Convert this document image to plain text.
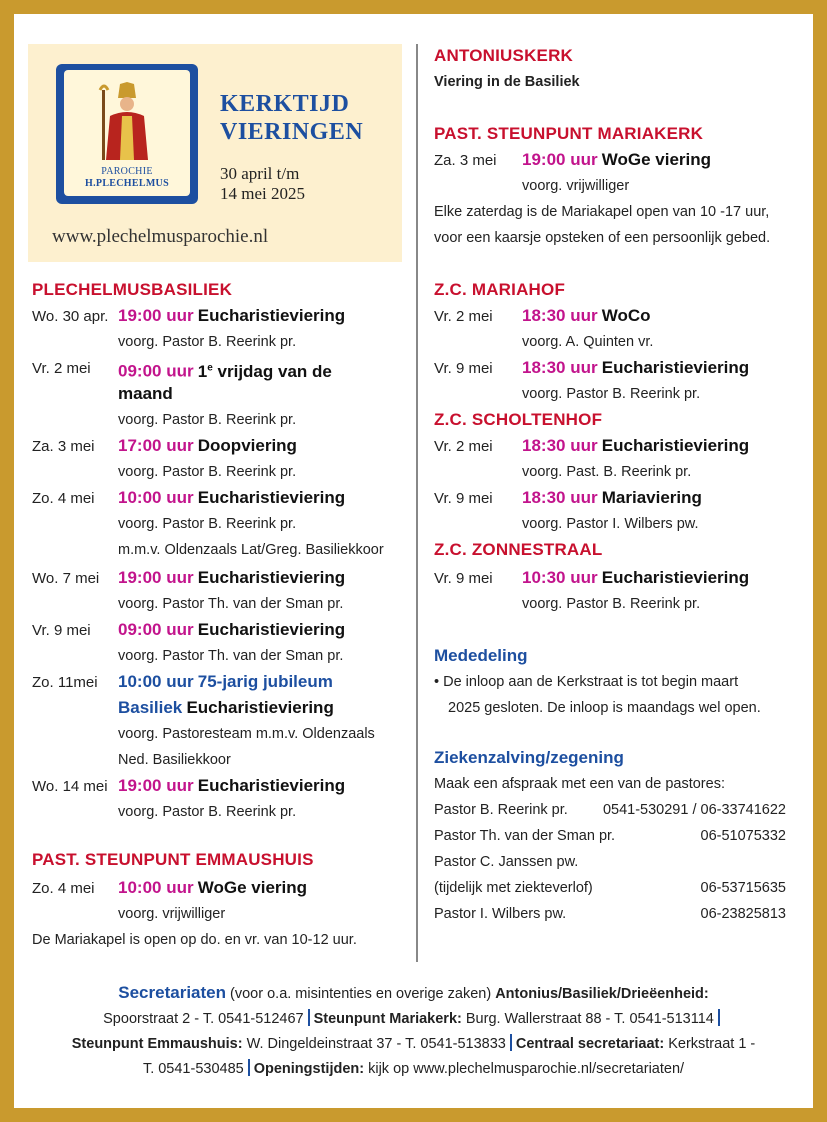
PAROCHIE
H.PLECHELMUS
KERKTIJD
VIERINGEN
30 april t/m
14 mei 2025
www.plechelmusparochie.nl
PLECHELMUSBASILIEK
Wo. 30 apr. 19:00 uur Eucharistieviering
voorg. Pastor B. Reerink pr.
Vr. 2 mei 09:00 uur 1e vrijdag van de
maand
voorg. Pastor B. Reerink pr.
Za. 3 mei 17:00 uur Doopviering
voorg. Pastor B. Reerink pr.
Zo. 4 mei 10:00 uur Eucharistieviering
voorg. Pastor B. Reerink pr.
m.m.v. Oldenzaals Lat/Greg. Basiliekkoor
Wo. 7 mei 19:00 uur Eucharistieviering
voorg. Pastor Th. van der Sman pr.
Vr. 9 mei 09:00 uur Eucharistieviering
voorg. Pastor Th. van der Sman pr.
Zo. 11mei 10:00 uur 75-jarig jubileum
Basiliek Eucharistieviering
voorg. Pastoresteam m.m.v. Oldenzaals
Ned. Basiliekkoor
Wo. 14 mei 19:00 uur Eucharistieviering
voorg. Pastor B. Reerink pr.
PAST. STEUNPUNT EMMAUSHUIS
Zo. 4 mei 10:00 uur WoGe viering
voorg. vrijwilliger
De Mariakapel is open op do. en vr. van 10-12 uur.
ANTONIUSKERK
Viering in de Basiliek
PAST. STEUNPUNT MARIAKERK
Za. 3 mei 19:00 uur WoGe viering
voorg. vrijwilliger
Elke zaterdag is de Mariakapel open van 10 -17 uur,
voor een kaarsje opsteken of een persoonlijk gebed.
Z.C. MARIAHOF
Vr. 2 mei 18:30 uur WoCo
voorg. A. Quinten vr.
Vr. 9 mei 18:30 uur Eucharistieviering
voorg. Pastor B. Reerink pr.
Z.C. SCHOLTENHOF
Vr. 2 mei 18:30 uur Eucharistieviering
voorg. Past. B. Reerink pr.
Vr. 9 mei 18:30 uur Mariaviering
voorg. Pastor I. Wilbers pw.
Z.C. ZONNESTRAAL
Vr. 9 mei 10:30 uur Eucharistieviering
voorg. Pastor B. Reerink pr.
Mededeling
• De inloop aan de Kerkstraat is tot begin maart
2025 gesloten. De inloop is maandags wel open.
Ziekenzalving/zegening
Maak een afspraak met een van de pastores:
Pastor B. Reerink pr.	0541-530291 / 06-33741622
Pastor Th. van der Sman pr.	06-51075332
Pastor C. Janssen pw.
(tijdelijk met ziekteverlof)	06-53715635
Pastor I. Wilbers pw.	06-23825813
Secretariaten (voor o.a. misintenties en overige zaken) Antonius/Basiliek/Drieëenheid:
Spoorstraat 2 - T. 0541-512467 Steunpunt Mariakerk: Burg. Wallerstraat 88 - T. 0541-513114
Steunpunt Emmaushuis: W. Dingeldeinstraat 37 - T. 0541-513833 Centraal secretariaat: Kerkstraat 1 -
T. 0541-530485 Openingstijden: kijk op www.plechelmusparochie.nl/secretariaten/
